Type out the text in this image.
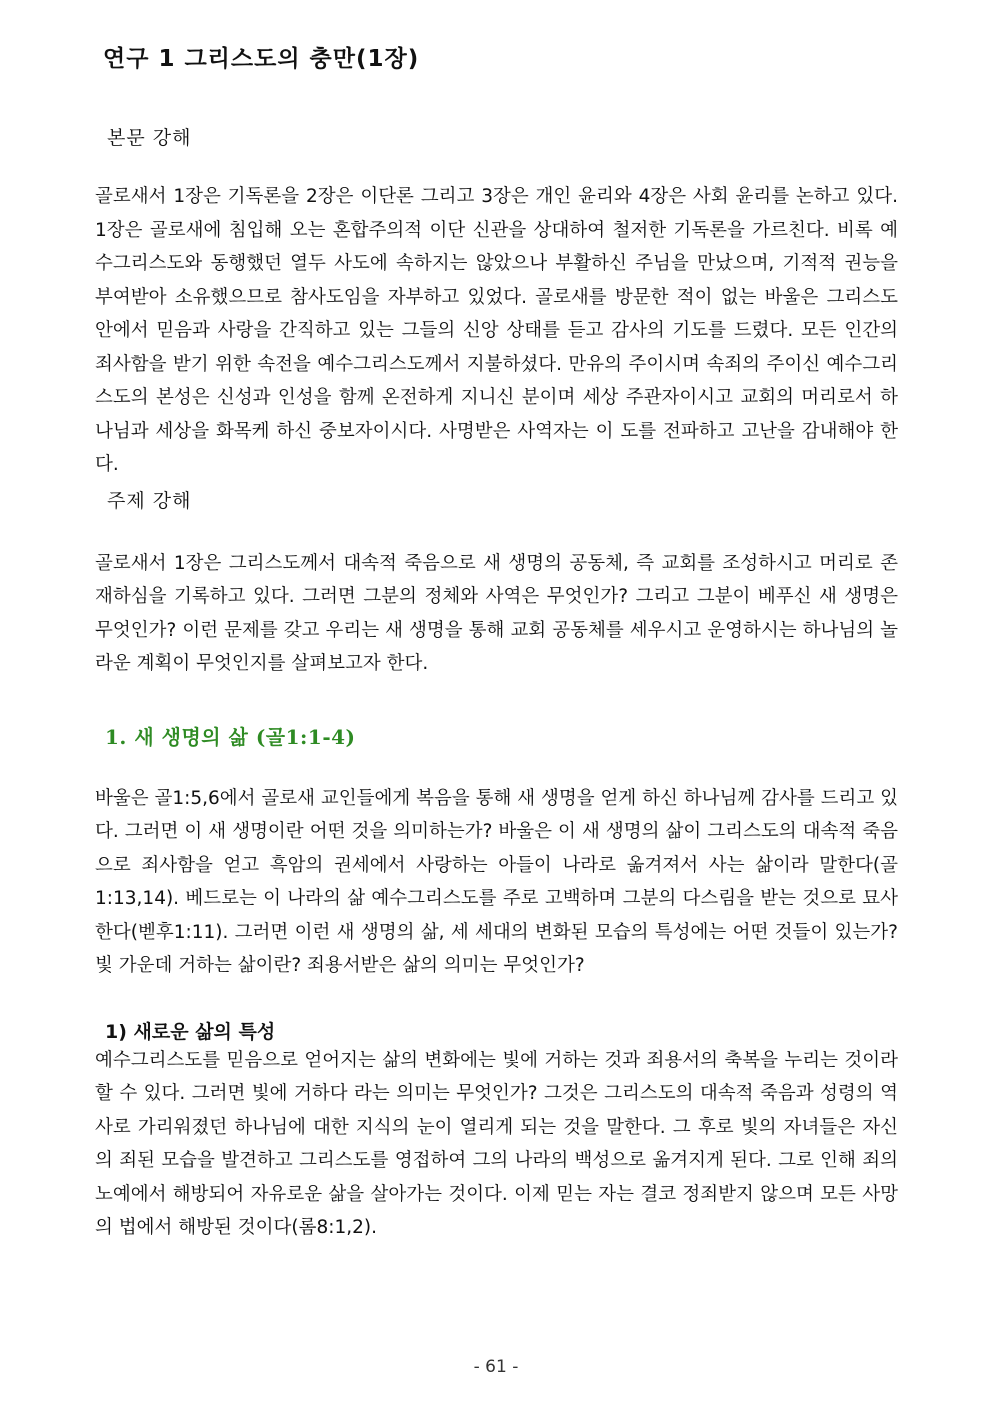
연구 1 그리스도의 충만(1장)
본문 강해

골로새서 1장은 기독론을 2장은 이단론 그리고 3장은 개인 윤리와 4장은 사회 윤리를 논하고 있다. 1장은 골로새에 침입해 오는 혼합주의적 이단 신관을 상대하여 철저한 기독론을 가르친다. 비록 예수그리스도와 동행했던 열두 사도에 속하지는 않았으나 부활하신 주님을 만났으며, 기적적 권능을 부여받아 소유했으므로 참사도임을 자부하고 있었다. 골로새를 방문한 적이 없는 바울은 그리스도 안에서 믿음과 사랑을 간직하고 있는 그들의 신앙 상태를 듣고 감사의 기도를 드렸다. 모든 인간의 죄사함을 받기 위한 속전을 예수그리스도께서 지불하셨다. 만유의 주이시며 속죄의 주이신 예수그리스도의 본성은 신성과 인성을 함께 온전하게 지니신 분이며 세상 주관자이시고 교회의 머리로서 하나님과 세상을 화목케 하신 중보자이시다. 사명받은 사역자는 이 도를 전파하고 고난을 감내해야 한다.

주제 강해

골로새서 1장은 그리스도께서 대속적 죽음으로 새 생명의 공동체, 즉 교회를 조성하시고 머리로 존재하심을 기록하고 있다. 그러면 그분의 정체와 사역은 무엇인가? 그리고 그분이 베푸신 새 생명은 무엇인가? 이런 문제를 갖고 우리는 새 생명을 통해 교회 공동체를 세우시고 운영하시는 하나님의 놀라운 계획이 무엇인지를 살펴보고자 한다.

1. 새 생명의 삶 (골1:1-4)

바울은 골1:5,6에서 골로새 교인들에게 복음을 통해 새 생명을 얻게 하신 하나님께 감사를 드리고 있다. 그러면 이 새 생명이란 어떤 것을 의미하는가? 바울은 이 새 생명의 삶이 그리스도의 대속적 죽음으로 죄사함을 얻고 흑암의 권세에서 사랑하는 아들이 나라로 옮겨져서 사는 삶이라 말한다(골1:13,14). 베드로는 이 나라의 삶 예수그리스도를 주로 고백하며 그분의 다스림을 받는 것으로 묘사한다(벧후1:11). 그러면 이런 새 생명의 삶, 세 세대의 변화된 모습의 특성에는 어떤 것들이 있는가? 빛 가운데 거하는 삶이란? 죄용서받은 삶의 의미는 무엇인가?

1) 새로운 삶의 특성

예수그리스도를 믿음으로 얻어지는 삶의 변화에는 빛에 거하는 것과 죄용서의 축복을 누리는 것이라 할 수 있다. 그러면 빛에 거하다 라는 의미는 무엇인가? 그것은 그리스도의 대속적 죽음과 성령의 역사로 가리워졌던 하나님에 대한 지식의 눈이 열리게 되는 것을 말한다. 그 후로 빛의 자녀들은 자신의 죄된 모습을 발견하고 그리스도를 영접하여 그의 나라의 백성으로 옮겨지게 된다. 그로 인해 죄의 노예에서 해방되어 자유로운 삶을 살아가는 것이다. 이제 믿는 자는 결코 정죄받지 않으며 모든 사망의 법에서 해방된 것이다(롬8:1,2).

- 61 -
